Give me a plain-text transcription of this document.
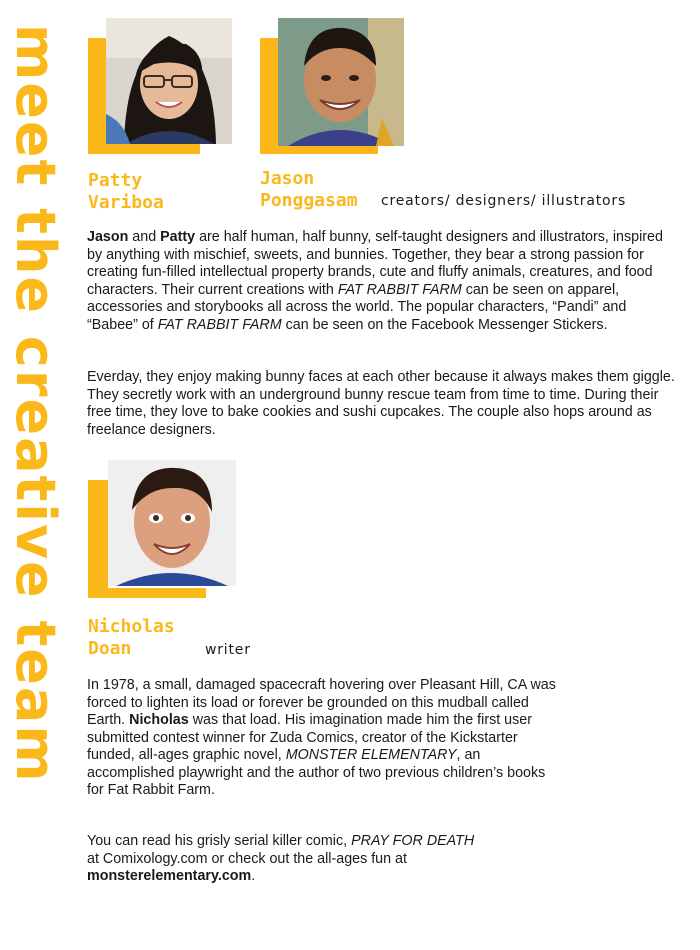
meet the creative team Patty
Variboa
Jason
Ponggasam creators/ designers/ illustrators

Jason and Patty are half human, half bunny, self-taught designers and illustrators, inspired by anything with mischief, sweets, and bunnies. Together, they bear a strong passion for creating fun-filled intellectual property brands, cute and fluffy animals, creatures, and food characters. Their current creations with FAT RABBIT FARM can be seen on apparel, accessories and storybooks all across the world. The popular characters, “Pandi” and “Babee” of FAT RABBIT FARM can be seen on the Facebook Messenger Stickers.

Everday, they enjoy making bunny faces at each other because it always makes them giggle. They secretly work with an underground bunny rescue team from time to time. During their free time, they love to bake cookies and sushi cupcakes. The couple also hops around as freelance designers.

Nicholas
Doan	writer

In 1978, a small, damaged spacecraft hovering over Pleasant Hill, CA was forced to lighten its load or forever be grounded on this mudball called Earth. Nicholas was that load. His imagination made him the first user submitted contest winner for Zuda Comics, creator of the Kickstarter funded, all-ages graphic novel, MONSTER ELEMENTARY, an accomplished playwright and the author of two previous children’s books for Fat Rabbit Farm.

You can read his grisly serial killer comic, PRAY FOR DEATH at Comixology.com or check out the all-ages fun at monsterelementary.com.
